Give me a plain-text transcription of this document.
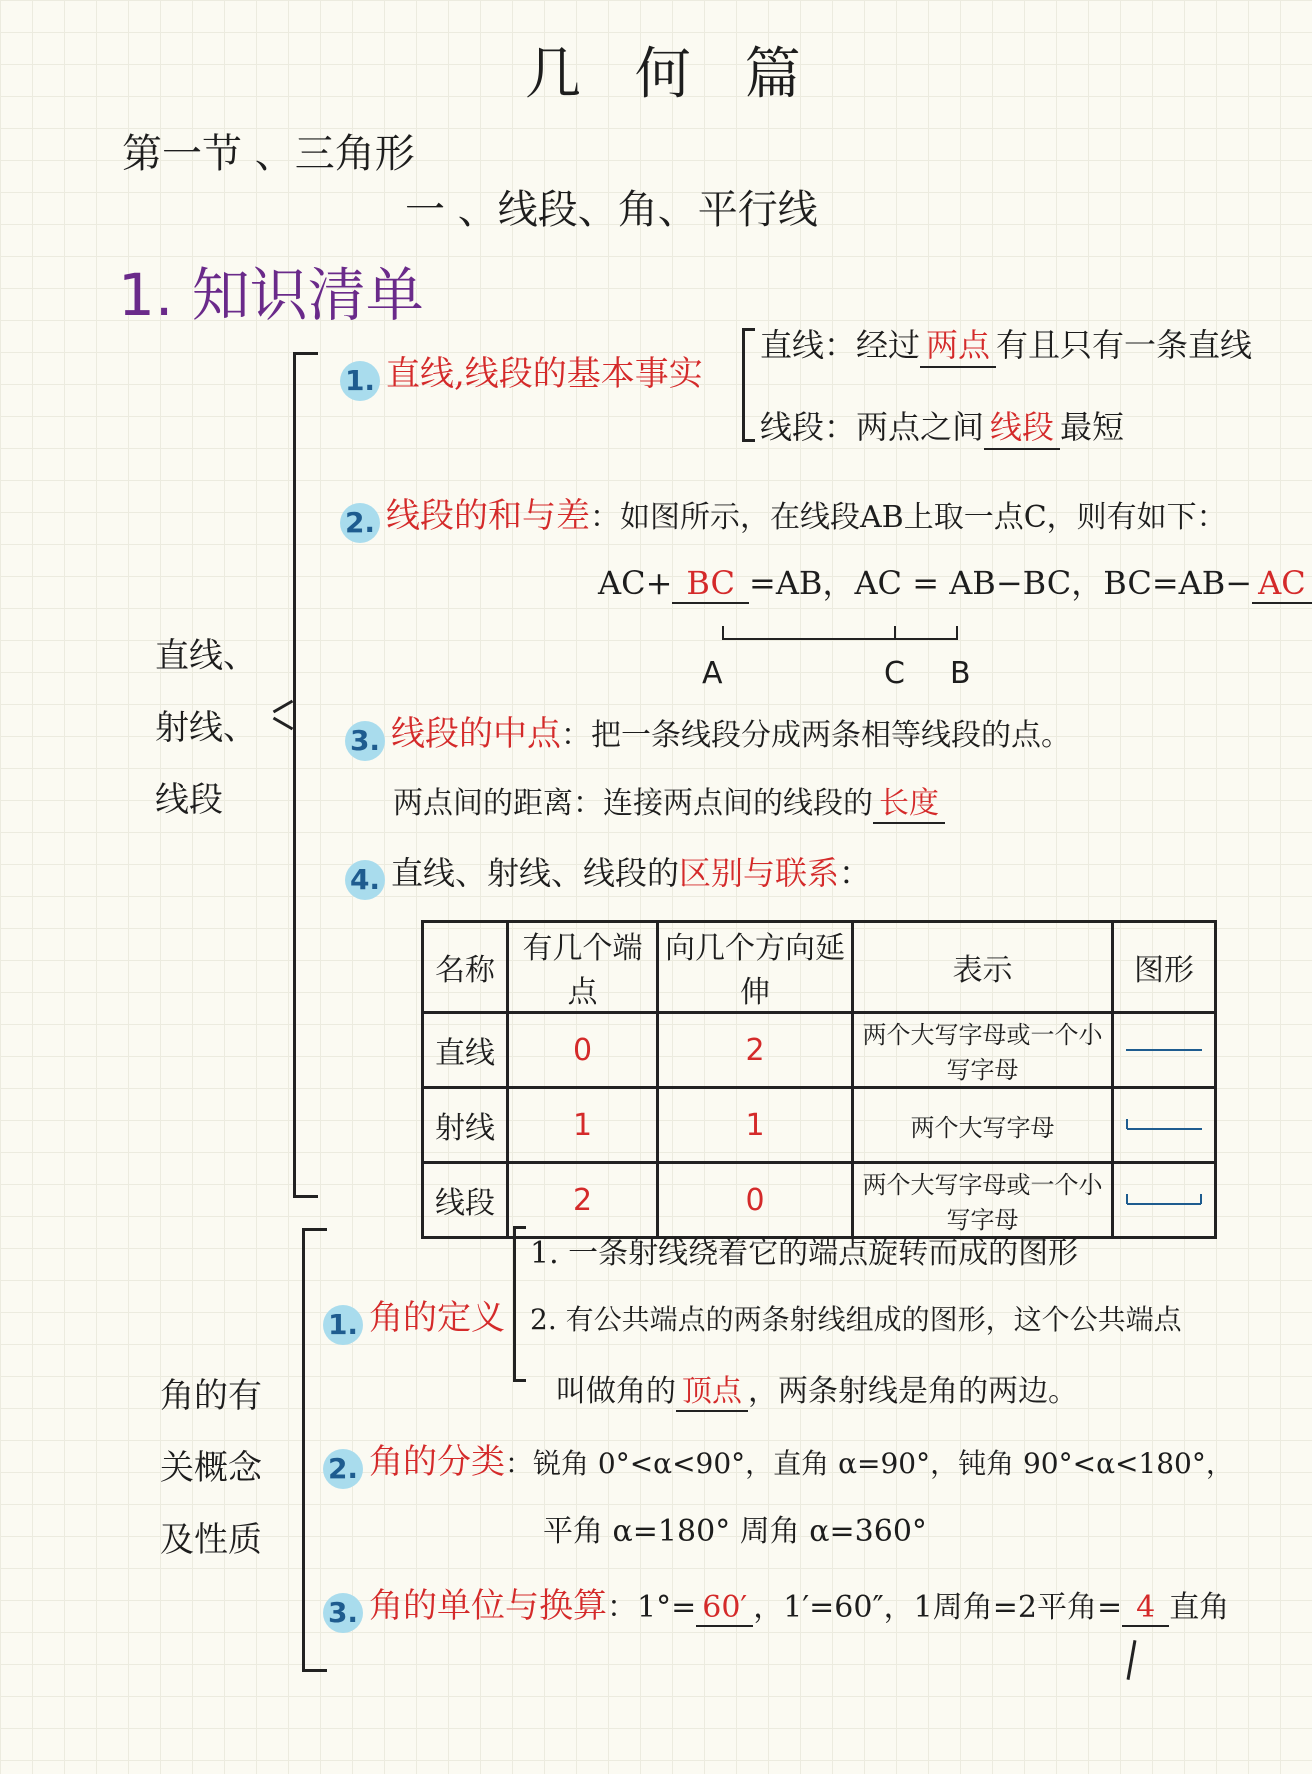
几 何 篇
第一节 、三角形
一 、线段、角、平行线
1. 知识清单
直线、
射线、
线段
1. 直线,线段的基本事实
直线：经过 两点 有且只有一条直线
线段：两点之间 线段 最短
2. 线段的和与差：如图所示，在线段AB上取一点C，则有如下：
AC+ BC =AB，AC = AB−BC，BC=AB− AC
A	C B
3. 线段的中点：把一条线段分成两条相等线段的点。
两点间的距离：连接两点间的线段的 长度
4. 直线、射线、线段的区别与联系：
名称	有几个端点	向几个方向延伸	表示	图形
直线	0	2	两个大写字母或一个小写字母	
射线	1	1	两个大写字母	
线段	2	0	两个大写字母或一个小写字母	
角的有
关概念
及性质
1. 角的定义
1. 一条射线绕着它的端点旋转而成的图形
2. 有公共端点的两条射线组成的图形，这个公共端点
叫做角的 顶点 ，两条射线是角的两边。
2. 角的分类：锐角 0°<α<90°，直角 α=90°，钝角 90°<α<180°，
平角 α=180° 周角 α=360°
3. 角的单位与换算：1°= 60′ ，1′=60″，1周角=2平角= 4 直角
